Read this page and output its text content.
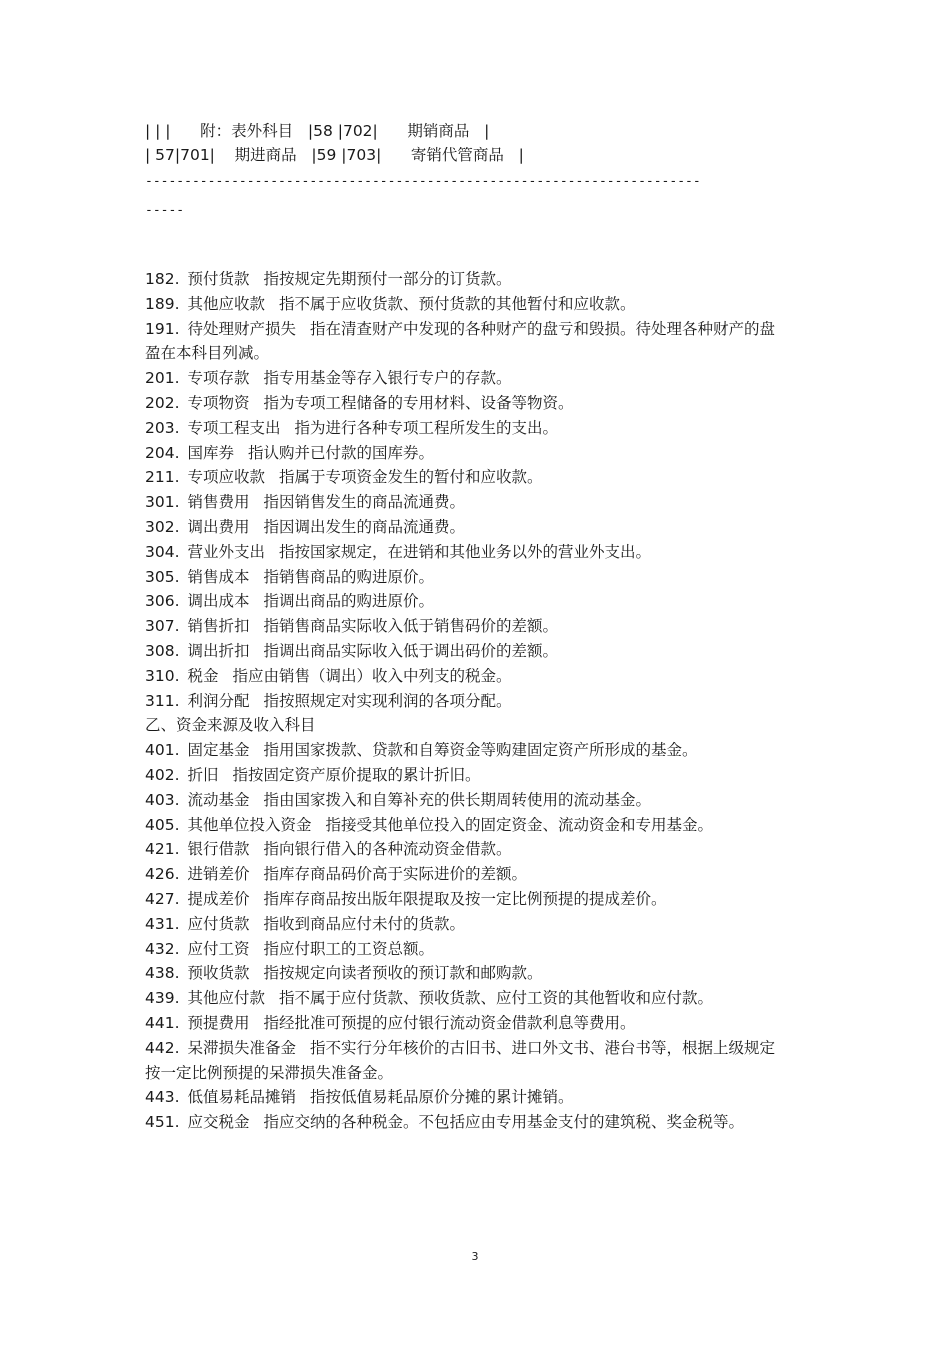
| | |      附：表外科目   |58 |702|      期销商品   |
| 57|701|    期进商品   |59 |703|      寄销代管商品   |
-----------------------------------------------------------------------
-----

182. 预付货款 指按规定先期预付一部分的订货款。

189. 其他应收款 指不属于应收货款、预付货款的其他暂付和应收款。

191. 待处理财产损失 指在清查财产中发现的各种财产的盘亏和毁损。待处理各种财产的盘盈在本科目列减。

201. 专项存款 指专用基金等存入银行专户的存款。

202. 专项物资 指为专项工程储备的专用材料、设备等物资。

203. 专项工程支出 指为进行各种专项工程所发生的支出。

204. 国库券 指认购并已付款的国库券。

211. 专项应收款 指属于专项资金发生的暂付和应收款。

301. 销售费用 指因销售发生的商品流通费。

302. 调出费用 指因调出发生的商品流通费。

304. 营业外支出 指按国家规定，在进销和其他业务以外的营业外支出。

305. 销售成本 指销售商品的购进原价。

306. 调出成本 指调出商品的购进原价。

307. 销售折扣 指销售商品实际收入低于销售码价的差额。

308. 调出折扣 指调出商品实际收入低于调出码价的差额。

310. 税金 指应由销售（调出）收入中列支的税金。

311. 利润分配 指按照规定对实现利润的各项分配。

乙、资金来源及收入科目

401. 固定基金 指用国家拨款、贷款和自筹资金等购建固定资产所形成的基金。

402. 折旧 指按固定资产原价提取的累计折旧。

403. 流动基金 指由国家拨入和自筹补充的供长期周转使用的流动基金。

405. 其他单位投入资金 指接受其他单位投入的固定资金、流动资金和专用基金。

421. 银行借款 指向银行借入的各种流动资金借款。

426. 进销差价 指库存商品码价高于实际进价的差额。

427. 提成差价 指库存商品按出版年限提取及按一定比例预提的提成差价。

431. 应付货款 指收到商品应付未付的货款。

432. 应付工资 指应付职工的工资总额。

438. 预收货款 指按规定向读者预收的预订款和邮购款。

439. 其他应付款 指不属于应付货款、预收货款、应付工资的其他暂收和应付款。

441. 预提费用 指经批准可预提的应付银行流动资金借款利息等费用。

442. 呆滞损失准备金 指不实行分年核价的古旧书、进口外文书、港台书等，根据上级规定按一定比例预提的呆滞损失准备金。

443. 低值易耗品摊销 指按低值易耗品原价分摊的累计摊销。

451. 应交税金 指应交纳的各种税金。不包括应由专用基金支付的建筑税、奖金税等。

3
